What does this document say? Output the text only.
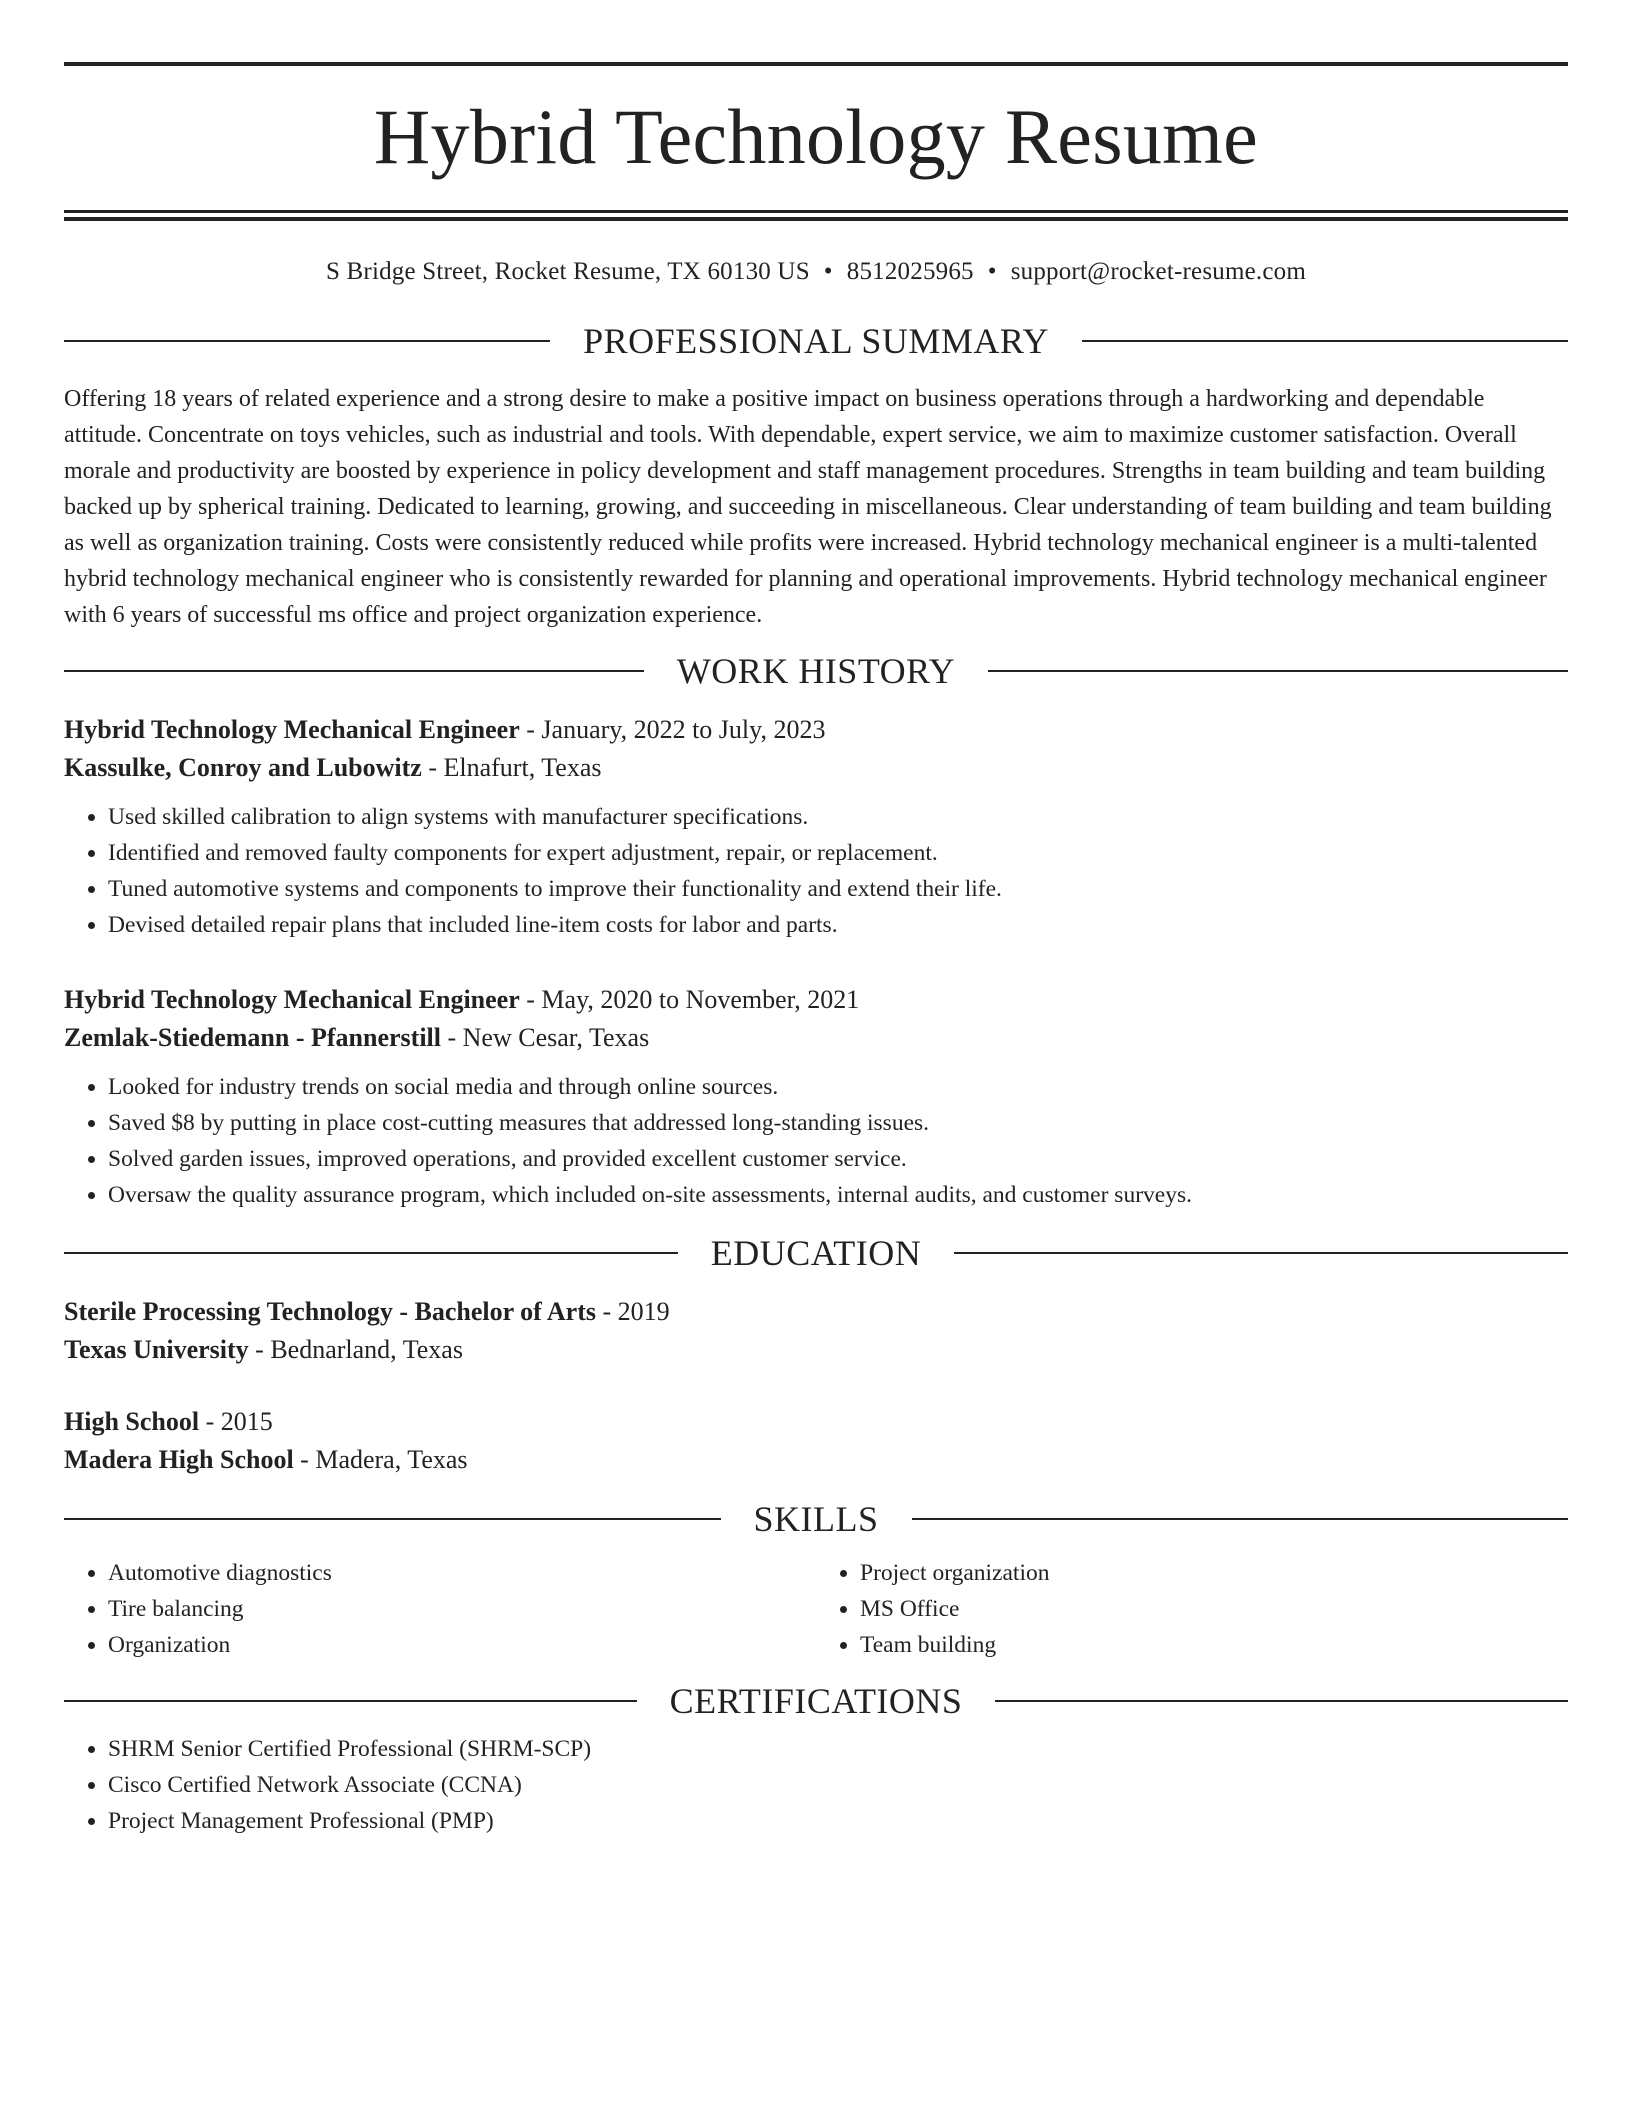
Hybrid Technology Resume
S Bridge Street, Rocket Resume, TX 60130 US • 8512025965 • support@rocket-resume.com
PROFESSIONAL SUMMARY
Offering 18 years of related experience and a strong desire to make a positive impact on business operations through a hardworking and dependable attitude. Concentrate on toys vehicles, such as industrial and tools. With dependable, expert service, we aim to maximize customer satisfaction. Overall morale and productivity are boosted by experience in policy development and staff management procedures. Strengths in team building and team building backed up by spherical training. Dedicated to learning, growing, and succeeding in miscellaneous. Clear understanding of team building and team building as well as organization training. Costs were consistently reduced while profits were increased. Hybrid technology mechanical engineer is a multi-talented hybrid technology mechanical engineer who is consistently rewarded for planning and operational improvements. Hybrid technology mechanical engineer with 6 years of successful ms office and project organization experience.
WORK HISTORY
Hybrid Technology Mechanical Engineer - January, 2022 to July, 2023
Kassulke, Conroy and Lubowitz - Elnafurt, Texas
• Used skilled calibration to align systems with manufacturer specifications.
• Identified and removed faulty components for expert adjustment, repair, or replacement.
• Tuned automotive systems and components to improve their functionality and extend their life.
• Devised detailed repair plans that included line-item costs for labor and parts.
Hybrid Technology Mechanical Engineer - May, 2020 to November, 2021
Zemlak-Stiedemann - Pfannerstill - New Cesar, Texas
• Looked for industry trends on social media and through online sources.
• Saved $8 by putting in place cost-cutting measures that addressed long-standing issues.
• Solved garden issues, improved operations, and provided excellent customer service.
• Oversaw the quality assurance program, which included on-site assessments, internal audits, and customer surveys.
EDUCATION
Sterile Processing Technology - Bachelor of Arts - 2019
Texas University - Bednarland, Texas
High School - 2015
Madera High School - Madera, Texas
SKILLS
• Automotive diagnostics
• Tire balancing
• Organization
• Project organization
• MS Office
• Team building
CERTIFICATIONS
• SHRM Senior Certified Professional (SHRM-SCP)
• Cisco Certified Network Associate (CCNA)
• Project Management Professional (PMP)
